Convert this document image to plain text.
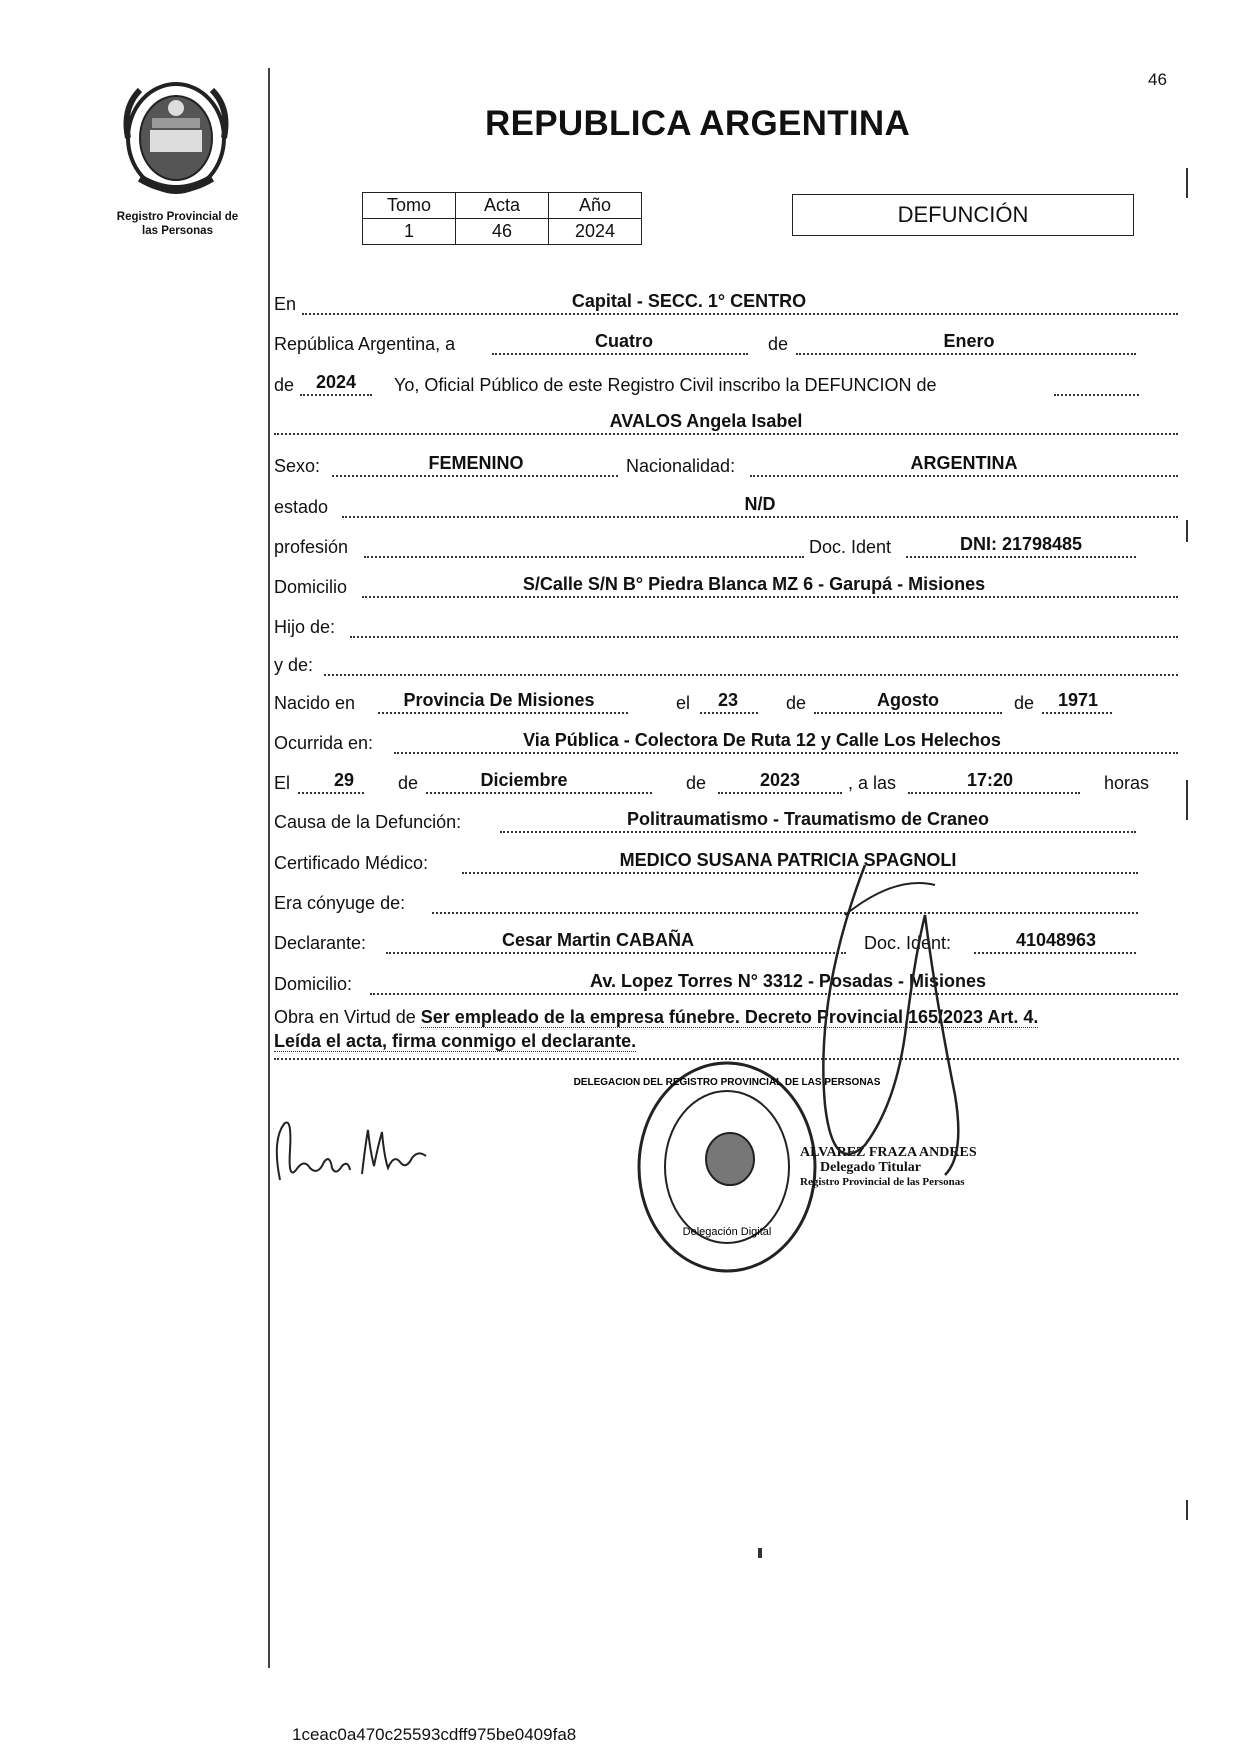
46
Registro Provincial de
las Personas
REPUBLICA ARGENTINA
Tomo	Acta	Año
1	46	2024
DEFUNCIÓN
En	Capital - SECC. 1° CENTRO
República Argentina, a	Cuatro	de	Enero
de 2024 Yo, Oficial Público de este Registro Civil inscribo la DEFUNCION de
AVALOS Angela Isabel
Sexo:	FEMENINO	Nacionalidad:	ARGENTINA
estado	N/D
profesión	Doc. Ident	DNI: 21798485
Domicilio	S/Calle S/N B° Piedra Blanca MZ 6 - Garupá - Misiones
Hijo de:
y de:
Nacido en	Provincia De Misiones	el 23	de	Agosto	de 1971
Ocurrida en:	Via Pública - Colectora De Ruta 12 y Calle Los Helechos
El 29 de	Diciembre	de	2023	, a las	17:20	horas
Causa de la Defunción:	Politraumatismo - Traumatismo de Craneo
Certificado Médico:	MEDICO SUSANA PATRICIA SPAGNOLI
Era cónyuge de:
Declarante:	Cesar Martin CABAÑA	Doc. Ident:	41048963
Domicilio:	Av. Lopez Torres N° 3312 - Posadas - Misiones
Obra en Virtud de Ser empleado de la empresa fúnebre. Decreto Provincial 165/2023 Art. 4.
Leída el acta, firma conmigo el declarante.
DELEGACION DEL REGISTRO PROVINCIAL DE LAS PERSONAS
Delegación Digital
ALVAREZ FRAZA ANDRES
Delegado Titular
Registro Provincial de las Personas
1ceac0a470c25593cdff975be0409fa8
